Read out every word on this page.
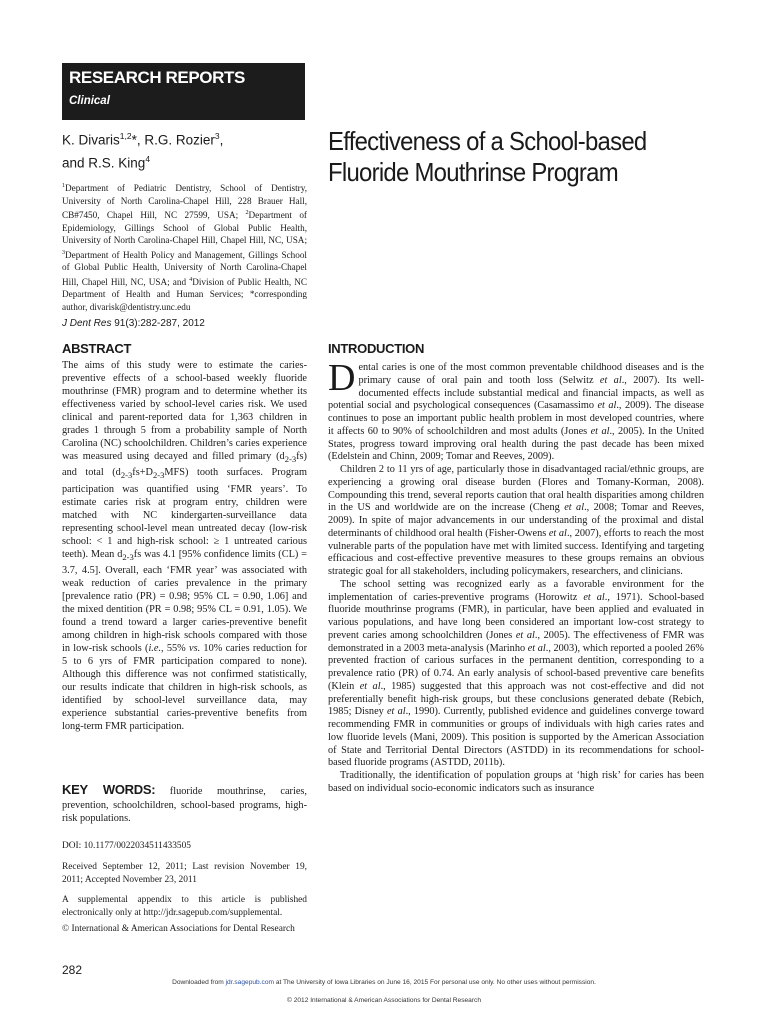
RESEARCH REPORTS
Clinical
K. Divaris$^{1,2}$*, R.G. Rozier$^3$,
and R.S. King$^4$
Effectiveness of a School-based
Fluoride Mouthrinse Program
$^1$Department of Pediatric Dentistry, School of Dentistry, University of North Carolina-Chapel Hill, 228 Brauer Hall, CB#7450, Chapel Hill, NC 27599, USA; $^2$Department of Epidemiology, Gillings School of Global Public Health, University of North Carolina-Chapel Hill, Chapel Hill, NC, USA; $^3$Department of Health Policy and Management, Gillings School of Global Public Health, University of North Carolina-Chapel Hill, Chapel Hill, NC, USA; and $^4$Division of Public Health, NC Department of Health and Human Services; *corresponding author, divarisk@dentistry.unc.edu
J Dent Res 91(3):282-287, 2012
ABSTRACT
The aims of this study were to estimate the caries-preventive effects of a school-based weekly fluoride mouthrinse (FMR) program and to determine whether its effectiveness varied by school-level caries risk. We used clinical and parent-reported data for 1,363 children in grades 1 through 5 from a probability sample of North Carolina (NC) schoolchildren. Children’s caries experience was measured using decayed and filled primary $(d_{2-3}fs)$ and total $(d_{2-3}fs+D_{2-3}MFS)$ tooth surfaces. Program participation was quantified using ‘FMR years’. To estimate caries risk at program entry, children were matched with NC kindergarten-surveillance data representing school-level mean untreated decay (low-risk school: < 1 and high-risk school: ≥ 1 untreated carious teeth). Mean $d_{2-3}fs$ was 4.1 [95% confidence limits (CL) = 3.7, 4.5]. Overall, each ‘FMR year’ was associated with weak reduction of caries prevalence in the primary [prevalence ratio (PR) = 0.98; 95% CL = 0.90, 1.06] and the mixed dentition (PR = 0.98; 95% CL = 0.91, 1.05). We found a trend toward a larger caries-preventive benefit among children in high-risk schools compared with those in low-risk schools (i.e., 55% vs. 10% caries reduction for 5 to 6 yrs of FMR participation compared to none). Although this difference was not confirmed statistically, our results indicate that children in high-risk schools, as identified by school-level surveillance data, may experience substantial caries-preventive benefits from long-term FMR participation.
KEY WORDS: fluoride mouthrinse, caries, prevention, schoolchildren, school-based programs, high-risk populations.
DOI: 10.1177/0022034511433505
Received September 12, 2011; Last revision November 19, 2011; Accepted November 23, 2011
A supplemental appendix to this article is published electronically only at http://jdr.sagepub.com/supplemental.
© International & American Associations for Dental Research
INTRODUCTION

Dental caries is one of the most common preventable childhood diseases and is the primary cause of oral pain and tooth loss (Selwitz et al., 2007). Its well-documented effects include substantial medical and financial impacts, as well as potential social and psychological consequences (Casamassimo et al., 2009). The disease continues to pose an important public health problem in most developed countries, where it affects 60 to 90% of schoolchildren and most adults (Jones et al., 2005). In the United States, progress toward improving oral health during the past decade has been mixed (Edelstein and Chinn, 2009; Tomar and Reeves, 2009).

Children 2 to 11 yrs of age, particularly those in disadvantaged racial/ethnic groups, are experiencing a growing oral disease burden (Flores and Tomany-Korman, 2008). Compounding this trend, several reports caution that oral health disparities among children in the US and worldwide are on the increase (Cheng et al., 2008; Tomar and Reeves, 2009). In spite of major advancements in our understanding of the proximal and distal determinants of childhood oral health (Fisher-Owens et al., 2007), efforts to reach the most vulnerable parts of the population have met with limited success. Identifying and targeting efficacious and cost-effective preventive measures to these groups remains an obvious strategic goal for all stakeholders, including policymakers, researchers, and clinicians.

The school setting was recognized early as a favorable environment for the implementation of caries-preventive programs (Horowitz et al., 1971). School-based fluoride mouthrinse programs (FMR), in particular, have been applied and evaluated in various populations, and have long been considered an important low-cost strategy to prevent caries among schoolchildren (Jones et al., 2005). The effectiveness of FMR was demonstrated in a 2003 meta-analysis (Marinho et al., 2003), which reported a pooled 26% prevented fraction of carious surfaces in the permanent dentition, corresponding to a prevalence ratio (PR) of 0.74. An early analysis of school-based preventive care benefits (Klein et al., 1985) suggested that this approach was not cost-effective and did not preferentially benefit high-risk groups, but these conclusions generated debate (Rebich, 1985; Disney et al., 1990). Currently, published evidence and guidelines converge toward recommending FMR in communities or groups of individuals with high caries rates and low fluoride levels (Mani, 2009). This position is supported by the American Association of State and Territorial Dental Directors (ASTDD) in its recommendations for school-based fluoride programs (ASTDD, 2011b).

Traditionally, the identification of population groups at ‘high risk’ for caries has been based on individual socio-economic indicators such as insurance

282
Downloaded from jdr.sagepub.com at The University of Iowa Libraries on June 16, 2015 For personal use only. No other uses without permission.
© 2012 International & American Associations for Dental Research
